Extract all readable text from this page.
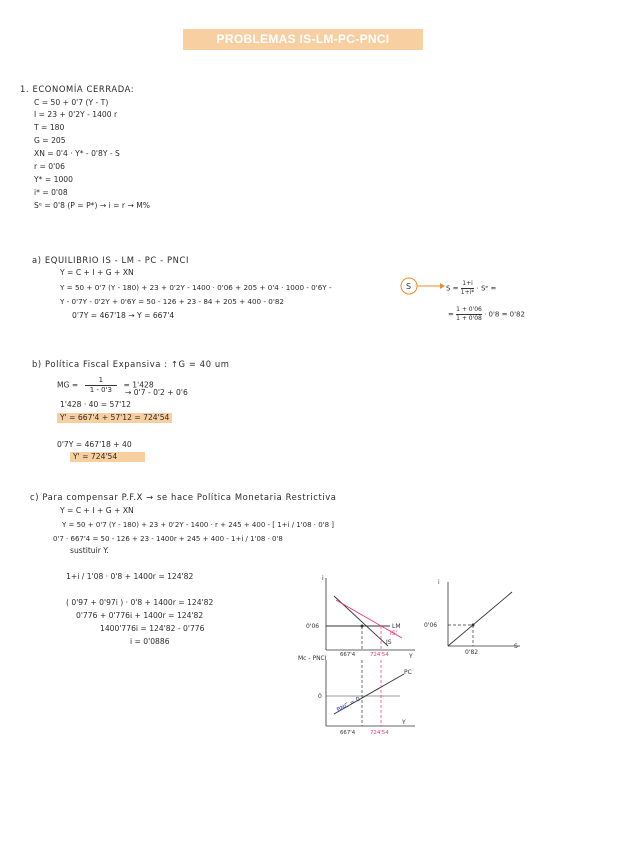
PROBLEMAS IS-LM-PC-PNCI
1. ECONOMÍA CERRADA:
C = 50 + 0'7 (Y - T)
I = 23 + 0'2Y - 1400 r
T = 180
G = 205
XN = 0'4 · Y* - 0'8Y - S
r = 0'06
Y* = 1000
i* = 0'08
Sᵉ = 0'8 (P = P*) → i = r → M%
a) EQUILIBRIO IS - LM - PC - PNCI
Y = C + I + G + XN
Y = 50 + 0'7 (Y - 180) + 23 + 0'2Y - 1400 · 0'06 + 205 + 0'4 · 1000 - 0'6Y -
Y - 0'7Y - 0'2Y + 0'6Y = 50 - 126 + 23 - 84 + 205 + 400 - 0'82
0'7Y = 467'18 → Y = 667'4
S	$S = \frac{1+i}{1+i*}$ · Sᵉ =
= $\frac{1 + 0'06}{1 + 0'08} \cdot 0'8 = 0'82$
b) Política Fiscal Expansiva : ↑G = 40 um
MG = $\frac{1}{1 - 0'3} = 1'428$
→ 0'7 - 0'2 + 0'6
1'428 · 40 = 57'12
Y' = 667'4 + 57'12 = 724'54
0'7Y = 467'18 + 40
Y' = 724'54
c) Para compensar P.F.X → se hace Política Monetaria Restrictiva
Y = C + I + G + XN
Y = 50 + 0'7 (Y - 180) + 23 + 0'2Y - 1400 · r + 245 + 400 - [ 1+i / 1'08 · 0'8 ]
0'7 · 667'4 = 50 - 126 + 23 - 1400r + 245 + 400 - 1+i / 1'08 · 0'8
sustituir Y.
1+i / 1'08 · 0'8 + 1400r = 124'82
( 0'97 + 0'97i ) · 0'8 + 1400r = 124'82
0'776 + 0'776i + 1400r = 124'82
1400'776i = 124'82 - 0'776
i = 0'0886
i
Y
LM
IS
IS'
0'06
667'4	724'54
Mc - PNCI
Y
PC
0 BNC = 0
667'4	724'54
i
S
0'06
0'82
